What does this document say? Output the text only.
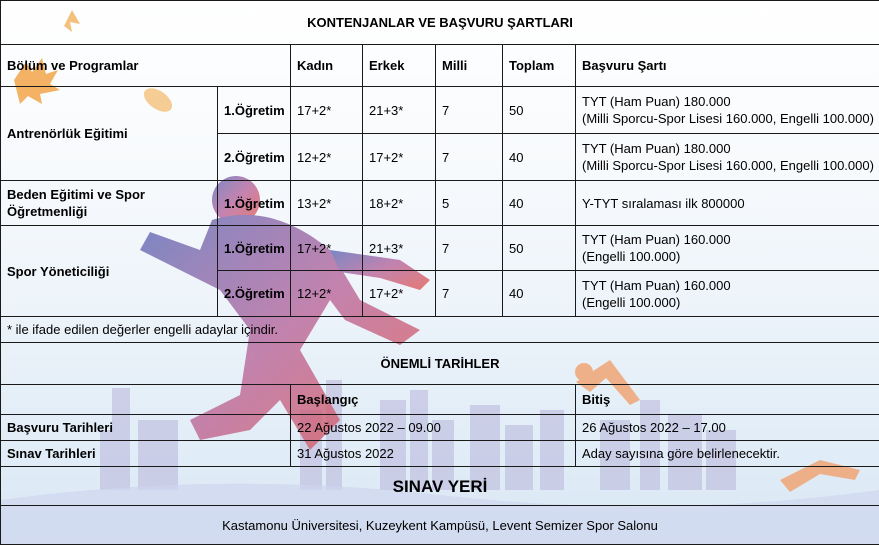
KONTENJANLAR VE BAŞVURU ŞARTLARI						
Bölüm ve Programlar		Kadın	Erkek	Milli	Toplam	Başvuru Şartı
Antrenörlük Eğitimi	1.Öğretim	17+2*	21+3*	7	50	TYT (Ham Puan) 180.000
(Milli Sporcu-Spor Lisesi 160.000, Engelli 100.000)
	2.Öğretim	12+2*	17+2*	7	40	TYT (Ham Puan) 180.000
(Milli Sporcu-Spor Lisesi 160.000, Engelli 100.000)
Beden Eğitimi ve Spor Öğretmenliği	1.Öğretim	13+2*	18+2*	5	40	Y-TYT sıralaması ilk 800000
Spor Yöneticiliği	1.Öğretim	17+2*	21+3*	7	50	TYT (Ham Puan) 160.000
(Engelli 100.000)
	2.Öğretim	12+2*	17+2*	7	40	TYT (Ham Puan) 160.000
(Engelli 100.000)
* ile ifade edilen değerler engelli adaylar içindir.						
ÖNEMLİ TARİHLER						
		Başlangıç				Bitiş
Başvuru Tarihleri		22 Ağustos 2022 – 09.00				26 Ağustos 2022 – 17.00
Sınav Tarihleri		31 Ağustos 2022				Aday sayısına göre belirlenecektir.
SINAV YERİ						
Kastamonu Üniversitesi, Kuzeykent Kampüsü, Levent Semizer Spor Salonu						
